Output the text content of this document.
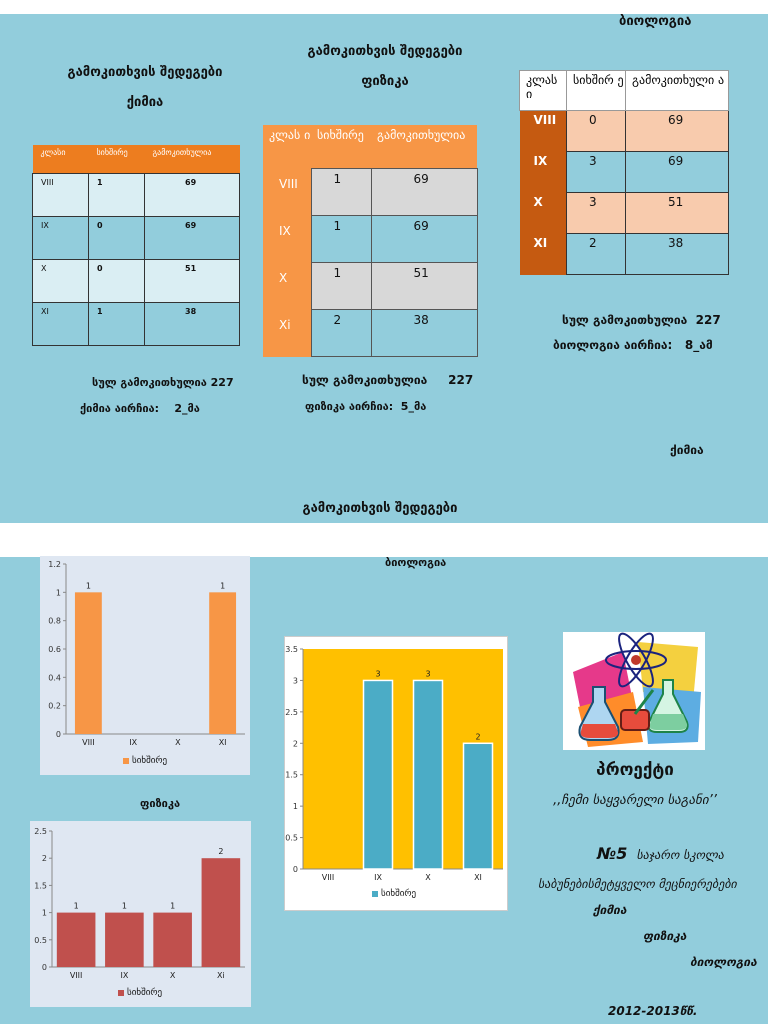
ბიოლოგია
გამოკითხვის შედეგები
ქიმია
გამოკითხვის შედეგები
ფიზიკა
კლასი	სიხშირე	გამოკითხულია
VIII	1	69
IX	0	69
X	0	51
XI	1	38
კლას ი	სიხშირე	გამოკითხულია
VIII	1	69
IX	1	69
X	1	51
Xi	2	38
კლას ი	სიხშირ ე	გამოკითხული ა
VIII	0	69
IX	3	69
X	3	51
XI	2	38
სულ გამოკითხულია 227
ქიმია აირჩია:    2_მა
სულ გამოკითხულია     227
ფიზიკა აირჩია:  5_მა
სულ გამოკითხულია  227
ბიოლოგია აირჩია:   8_ამ
ქიმია
გამოკითხვის შედეგები
ბიოლოგია
0
0.2
0.4
0.6
0.8
1
1.2
1
VIII	IX	X
1
XI
სიხშირე
0
0.5
1
1.5
2
2.5
3
3.5
VIII
3
IX
3
X
2
XI
სიხშირე
ფიზიკა
0
0.5
1
1.5
2
2.5
1
VIII
1
IX
1
X
2
Xi
სიხშირე
პროექტი
,,ჩემი საყვარელი საგანი’’
№5 საჯარო სკოლა
საბუნებისმეტყველო მეცნიერებები
ქიმია
ფიზიკა
ბიოლოგია
2012-2013წწ.
